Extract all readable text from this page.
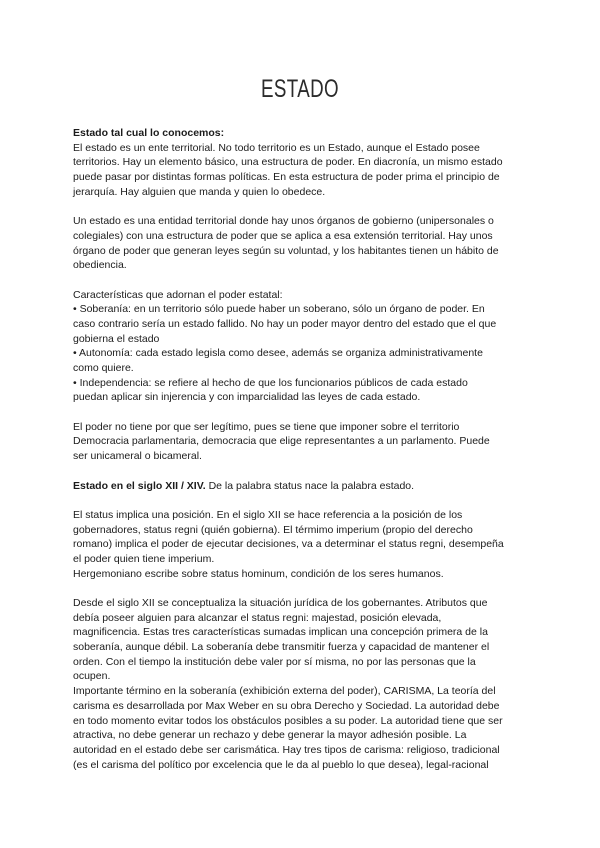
ESTADO
Estado tal cual lo conocemos:
El estado es un ente territorial. No todo territorio es un Estado, aunque el Estado posee
territorios. Hay un elemento básico, una estructura de poder. En diacronía, un mismo estado
puede pasar por distintas formas políticas. En esta estructura de poder prima el principio de
jerarquía. Hay alguien que manda y quien lo obedece.
Un estado es una entidad territorial donde hay unos órganos de gobierno (unipersonales o
colegiales) con una estructura de poder que se aplica a esa extensión territorial. Hay unos
órgano de poder que generan leyes según su voluntad, y los habitantes tienen un hábito de
obediencia.
Características que adornan el poder estatal:
• Soberanía: en un territorio sólo puede haber un soberano, sólo un órgano de poder. En
caso contrario sería un estado fallido. No hay un poder mayor dentro del estado que el que
gobierna el estado
• Autonomía: cada estado legisla como desee, además se organiza administrativamente
como quiere.
• Independencia: se refiere al hecho de que los funcionarios públicos de cada estado
puedan aplicar sin injerencia y con imparcialidad las leyes de cada estado.
El poder no tiene por que ser legítimo, pues se tiene que imponer sobre el territorio
Democracia parlamentaria, democracia que elige representantes a un parlamento. Puede
ser unicameral o bicameral.
Estado en el siglo XII / XIV. De la palabra status nace la palabra estado.
El status implica una posición. En el siglo XII se hace referencia a la posición de los
gobernadores, status regni (quién gobierna). El térmimo imperium (propio del derecho
romano) implica el poder de ejecutar decisiones, va a determinar el status regni, desempeña
el poder quien tiene imperium.
Hergemoniano escribe sobre status hominum, condición de los seres humanos.
Desde el siglo XII se conceptualiza la situación jurídica de los gobernantes. Atributos que
debía poseer alguien para alcanzar el status regni: majestad, posición elevada,
magnificencia. Estas tres características sumadas implican una concepción primera de la
soberanía, aunque débil. La soberanía debe transmitir fuerza y capacidad de mantener el
orden. Con el tiempo la institución debe valer por sí misma, no por las personas que la
ocupen.
Importante término en la soberanía (exhibición externa del poder), CARISMA, La teoría del
carisma es desarrollada por Max Weber en su obra Derecho y Sociedad. La autoridad debe
en todo momento evitar todos los obstáculos posibles a su poder. La autoridad tiene que ser
atractiva, no debe generar un rechazo y debe generar la mayor adhesión posible. La
autoridad en el estado debe ser carismática. Hay tres tipos de carisma: religioso, tradicional
(es el carisma del político por excelencia que le da al pueblo lo que desea), legal-racional
